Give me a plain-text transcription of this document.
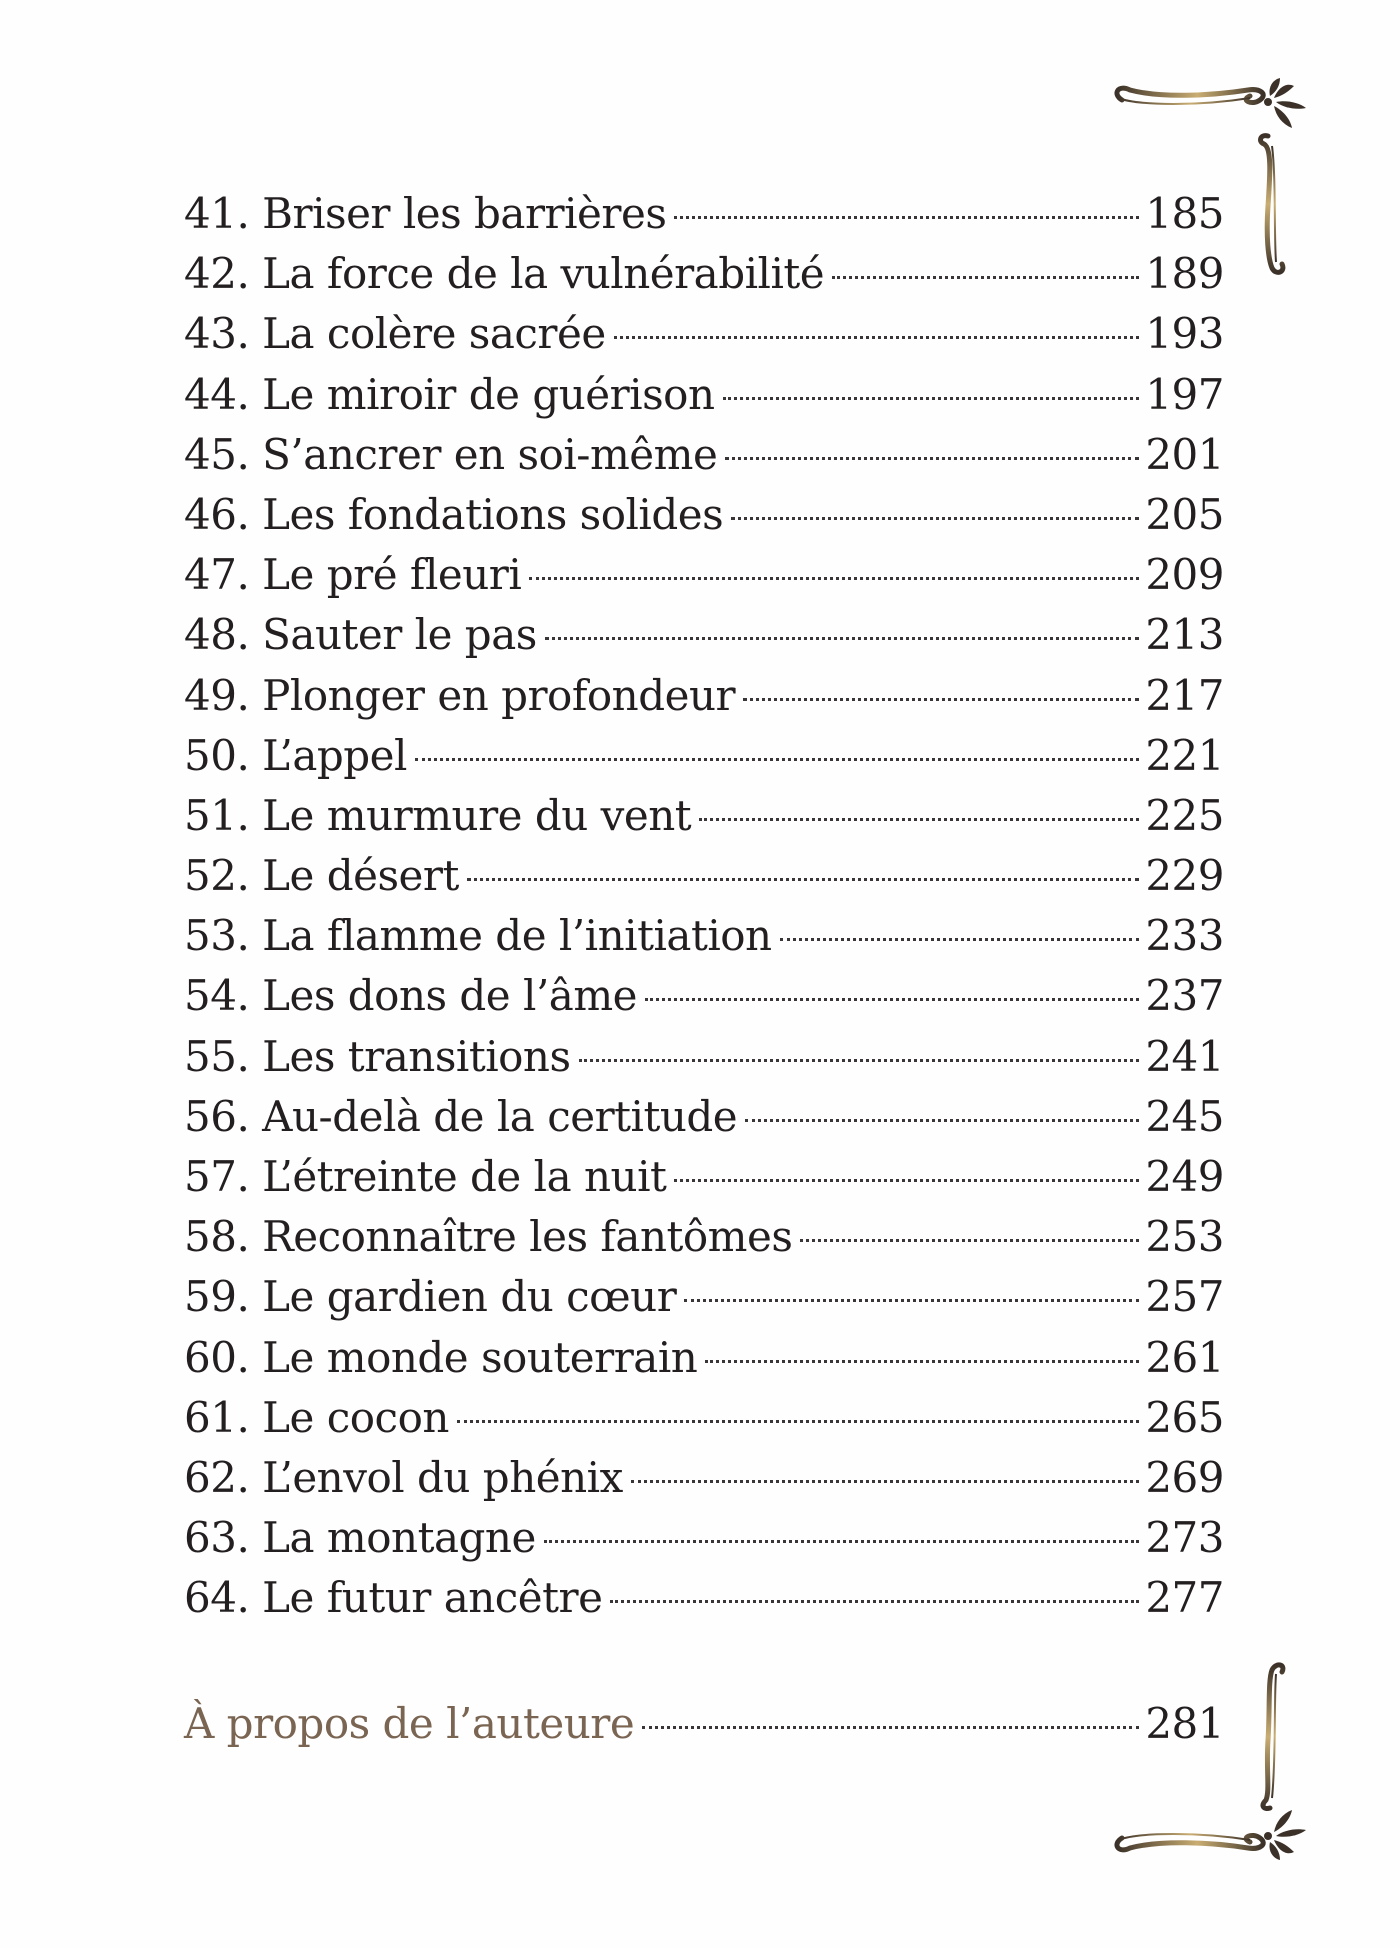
41. Briser les barrières	185
42. La force de la vulnérabilité	189
43. La colère sacrée	193
44. Le miroir de guérison	197
45. S’ancrer en soi-même	201
46. Les fondations solides	205
47. Le pré fleuri	209
48. Sauter le pas	213
49. Plonger en profondeur	217
50. L’appel	221
51. Le murmure du vent	225
52. Le désert	229
53. La flamme de l’initiation	233
54. Les dons de l’âme	237
55. Les transitions	241
56. Au-delà de la certitude	245
57. L’étreinte de la nuit	249
58. Reconnaître les fantômes	253
59. Le gardien du cœur	257
60. Le monde souterrain	261
61. Le cocon	265
62. L’envol du phénix	269
63. La montagne	273
64. Le futur ancêtre	277
À propos de l’auteure	281
